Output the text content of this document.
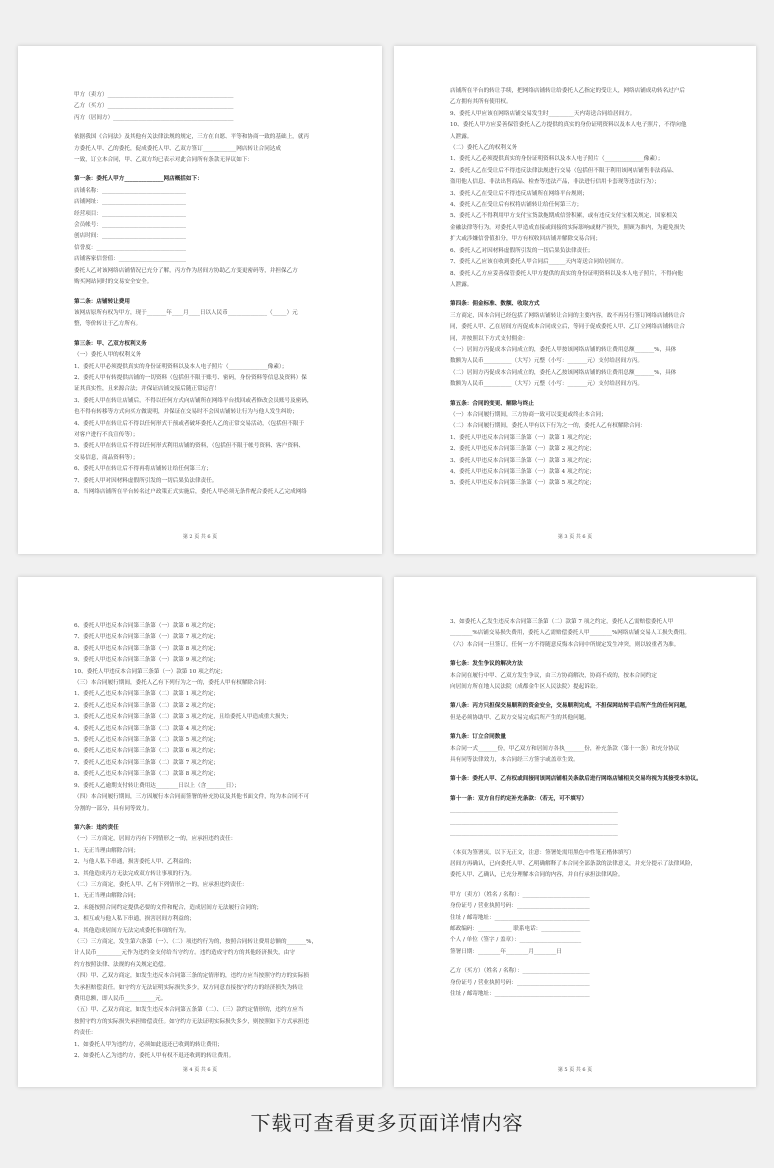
甲方（卖方）_____________________________________________
乙方（买方）_____________________________________________
丙方（居间方）___________________________________________
依据我国《合同法》及其他有关法律法规的规定，三方在自愿、平等和协商一致的基础上，就丙
方委托人甲、乙的委托，促成委托人甲、乙双方签订____________网店转让合同达成
一致，订立本合同，甲、乙双方均已表示对此合同所有条款无异议如下：
第一条：委托人甲方______________网店概括如下：
店铺名称：______________________________
店铺网址：______________________________
经营项目：______________________________
会员帐号：______________________________
创店时间：______________________________
信誉度：________________________________
店铺客家信誉值：________________________
委托人乙对该网络店铺情况已充分了解，丙方作为居间方协助乙方变更密码等，并担保乙方
购买网站同时的交易安全安全。
第二条：店铺转让费用
该网店原所有权为甲方，现于_______年____月____日以人民币______________（_____）元
整，等价转让于乙方所有。
第三条：甲、乙双方权利义务
（一）委托人甲的权利义务
1、委托人甲必须提供真实的身份证明资料以及本人电子照片（______________像素）；
2、委托人甲有转提供店铺的一切资料（包括但不限于账号、密码，身份资料等信息及资料）保
证其真实性，且来源合法；并保证店铺交接后随正常运营！
3、委托人甲在转让店铺后，不得以任何方式向店铺所在网络平台找回或者修改会员账号及密码，
也不得有转移等方式向买方做说明，并保证在交易时不会因店铺转让行为与他人发生纠纷；
4、委托人甲在转让后不得以任何形式干预或者破坏委托人乙的正常交易活动，（包括但不限于
对客户进行不良宣传等）；
5、委托人甲在转让后不得以任何形式利用店铺的资料，（包括但不限于帐号资料、客户资料、
交易信息，商品资料等）；
6、委托人甲在转让后不得再将店铺转让给任何第三方；
7、委托人甲对因材料虚假所引发的一切后果负法律责任。
8、当网络店铺所在平台转名过户政策正式实施后，委托人甲必须无条件配合委托人乙完成网络
第 2 页 共 6 页
店铺所在平台的转让手续，把网络店铺转让给委托人乙指定的受让人，网络店铺成功转名过户后
乙方拥有其所有使用权。
9、委托人甲应该在网络店铺交易发生时_________天内寄送合同给居间方。
10、委托人甲方应妥善保管委托人乙方提供的真实的身份证明资料以及本人电子照片，不得向他
人泄露。
（二）委托人乙的权利义务
1、委托人乙必须提供真实的身份证明资料以及本人电子照片（______________像素）；
2、委托人乙在受让后不得违反法律法规进行交易（包括但不限于利用该网店铺售非法商品、
盗用他人信息、非法出售商品、检查等违法产品，非法进行信用卡套现等违法行为）；
3、委托人乙在受让后不得违反店铺所在网络平台规则；
4、委托人乙在受让后有权将店铺转让给任何第三方；
5、委托人乙不得利用甲方支付宝货款拖期成信誉积累，或有违反支付宝相关规定，国家相关
金融法律等行为。对委托人甲造成直接或间接的实际影响或财产损失，照顾为准内，为避免损失
扩大或涉嫌信誉值扣分，甲方有权收回店铺并解除交易合同；
6、委托人乙对因材料虚假所引发的一切后果负法律责任；
7、委托人乙应该在收到委托人甲合同后______天内寄送合同给居间方。
8、委托人乙方应妥善保管委托人甲方提供的真实的身份证明资料以及本人电子照片，不得向他
人泄露。
第四条：佣金标准、数额、收取方式
三方商定，因本合同已经包括了网络店铺转让合同的主要内容，故不再另行签订网络店铺转让合
同，委托人甲、乙在居间方丙促成本合同成立后，等同于促成委托人甲、乙订立网络店铺转让合
同，并按照以下方式支付佣金：
（一）居间方丙促成本合同成立的，委托人甲按该网络店铺的转让费用总额_______%，具体
数额为人民币__________（大写）元整（小写：_______元）支付给居间方丙。
（二）居间方丙促成本合同成立的，委托人乙按该网络店铺的转让费用总额_______%，具体
数额为人民币__________（大写）元整（小写：_______元）支付给居间方丙。
第五条：合同的变更、解除与终止
（一）本合同履行期间，三方协商一致可以变更或终止本合同；
（二）本合同履行期间，委托人甲有以下行为之一的，委托人乙有权解除合同：
1、委托人甲违反本合同第三条第（一）款第 1 项之约定；
2、委托人甲违反本合同第三条第（一）款第 2 项之约定；
3、委托人甲违反本合同第三条第（一）款第 3 项之约定；
4、委托人甲违反本合同第三条第（一）款第 4 项之约定；
5、委托人甲违反本合同第三条第（一）款第 5 项之约定；
第 3 页 共 6 页
6、委托人甲违反本合同第三条第（一）款第 6 项之约定；
7、委托人甲违反本合同第三条第（一）款第 7 项之约定；
8、委托人甲违反本合同第三条第（一）款第 8 项之约定；
9、委托人甲违反本合同第三条第（一）款第 9 项之约定；
10、委托人甲违反本合同第三条第（一）款第 10 项之约定；
（三）本合同履行期间，委托人乙有下列行为之一的，委托人甲有权解除合同：
1、委托人乙违反本合同第三条第（二）款第 1 项之约定；
2、委托人乙违反本合同第三条第（二）款第 2 项之约定；
3、委托人乙违反本合同第三条第（二）款第 3 项之约定，且给委托人甲造成重大损失；
4、委托人乙违反本合同第三条第（二）款第 4 项之约定；
5、委托人乙违反本合同第三条第（二）款第 5 项之约定；
6、委托人乙违反本合同第三条第（二）款第 6 项之约定；
7、委托人乙违反本合同第三条第（二）款第 7 项之约定；
8、委托人乙违反本合同第三条第（二）款第 8 项之约定；
9、委托人乙逾期支付转让费用达________日以上（含_______日）；
（四）本合同履行期间，三方因履行本合同而签署的补充协议及其他书面文件，均为本合同不可
分割的一部分，具有同等效力。
第六条：违约责任
（一）三方商定，居间方丙有下列情形之一的，应承担违约责任：
1、无正当理由解除合同；
2、与他人私下串通，损害委托人甲、乙利益的；
3、其他造成丙方无法完成双方转让事项的行为。
（二）三方商定，委托人甲、乙有下列情形之一的，应承担违约责任：
1、无正当理由解除合同；
2、未能按照合同约定提供必要的文件和配合，造成居间方无法履行合同的；
3、相互或与他人私下串通，损害居间方利益的；
4、其他造成居间方无法完成委托事项的行为。
（三）三方商定，发生第六条第（一）、（二）项违约行为的，按照合同转让费用总额的_______%，
计人民币_________元作为违约金支付给当守约方。违约造成守约方的其他经济损失，由守
约方按照法律、法规的有关规定追偿。
（四）甲、乙双方商定，如发生违反本合同第三条的定情形的，违约方应当按照守约方的实际损
失承担赔偿责任。如守约方无法证明实际损失多少，双方同意直接按守约方的经济损失为转让
费用总额，即人民币___________元。
（五）甲、乙双方商定，如发生违反本合同第五条第（二）、（三）款约定情形的，违约方应当
按照守约方的实际损失承担赔偿责任。如守约方无法证明实际损失多少，则按照如下方式承担违
约责任：
1、如委托人甲为违约方，必须如此退还已收到的转让费用；
2、如委托人乙为违约方，委托人甲有权不退还收到的转让费用。
第 4 页 共 6 页
3、如委托人乙发生违反本合同第三条第（二）款第 7 项之约定，委托人乙需赔偿委托人甲
________%店铺交易损失费用，委托人乙需赔偿委托人甲________%网络店铺交易人工损失费用。
（六）本合同一旦签订，任何一方不得随意反悔本合同中所规定发生冲突，则以较重者为准。
第七条：发生争议的解决方法
本合同在履行中甲、乙双方发生争议，由三方协商解决，协商不成的，按本合同约定
向居间方所在地人民法院（成都金牛区人民法院）提起诉讼。
第八条：丙方只担保交易顺利的资金安全，交易顺利完成，不担保网站转手后所产生的任何问题，
但是必须协助甲、乙双方交易完成后所产生的其他问题。
第九条：订立合同数量
本合同一式_______份，甲乙双方和居间方各执_______份，补充条款（第十一条）和充分协议
具有同等法律效力，本合同经三方签字或盖章生效。
第十条：委托人甲、乙有权或间接同该网店铺相关条款后进行网络店铺相关交易均视为其接受本协议。
第十一条：双方自行约定补充条款：（若无，可不填写）
____________________________________________________________
____________________________________________________________
____________________________________________________________
（本页为签署页，以下无正文，注意：签署处需用黑色中性笔正楷体填写）
居间方再确认，已向委托人甲、乙明确解释了本合同全部条款的法律意义，并充分提示了法律风险，
委托人甲、乙确认，已充分理解本合同的内容，并自行承担法律风险。
甲方（卖方）（姓名 / 名称）：________________________
身份证号 / 营业执照号码：__________________________
住址 / 邮寄地址：__________________________________
邮政编码：____________ 联系电话：______________
个人 / 单位（签字 / 盖章）：______________________
签署日期：________年________月________日
乙方（买方）（姓名 / 名称）：________________________
身份证号 / 营业执照号码：__________________________
住址 / 邮寄地址：__________________________________
第 5 页 共 6 页
下载可查看更多页面详情内容
